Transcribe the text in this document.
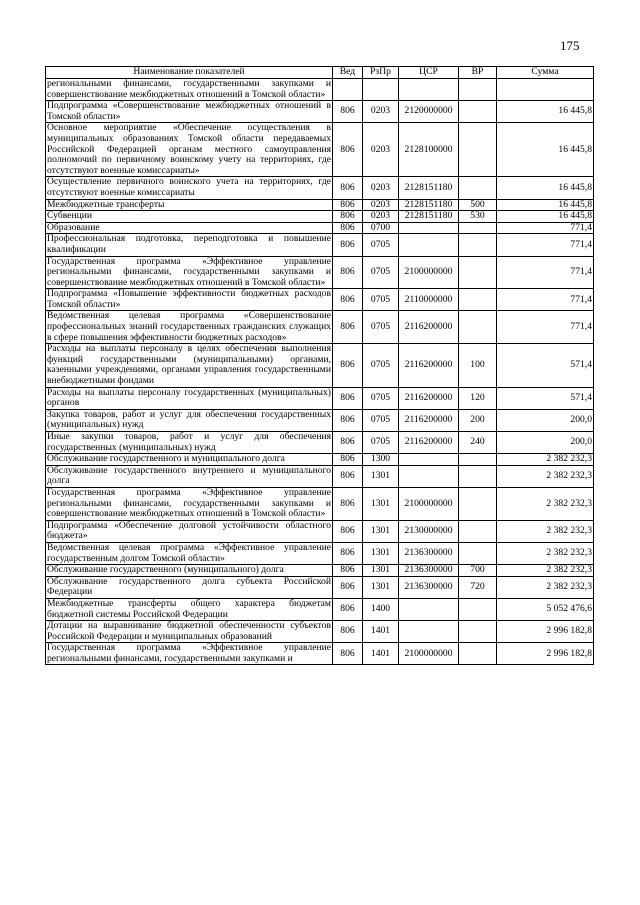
175
Наименование показателей	Вед	РзПр	ЦСР	ВР	Сумма
региональными финансами, государственными закупками и совершенствование межбюджетных отношений в Томской области»					
Подпрограмма «Совершенствование межбюджетных отношений в Томской области»	806	0203	2120000000		16 445,8
Основное мероприятие «Обеспечение осуществления в муниципальных образованиях Томской области передаваемых Российской Федерацией органам местного самоуправления полномочий по первичному воинскому учету на территориях, где отсутствуют военные комиссариаты»	806	0203	2128100000		16 445,8
Осуществление первичного воинского учета на территориях, где отсутствуют военные комиссариаты	806	0203	2128151180		16 445,8
Межбюджетные трансферты	806	0203	2128151180	500	16 445,8
Субвенции	806	0203	2128151180	530	16 445,8
Образование	806	0700			771,4
Профессиональная подготовка, переподготовка и повышение квалификации	806	0705			771,4
Государственная программа «Эффективное управление региональными финансами, государственными закупками и совершенствование межбюджетных отношений в Томской области»	806	0705	2100000000		771,4
Подпрограмма «Повышение эффективности бюджетных расходов Томской области»	806	0705	2110000000		771,4
Ведомственная целевая программа «Совершенствование профессиональных знаний государственных гражданских служащих в сфере повышения эффективности бюджетных расходов»	806	0705	2116200000		771,4
Расходы на выплаты персоналу в целях обеспечения выполнения функций государственными (муниципальными) органами, казенными учреждениями, органами управления государственными внебюджетными фондами	806	0705	2116200000	100	571,4
Расходы на выплаты персоналу государственных (муниципальных) органов	806	0705	2116200000	120	571,4
Закупка товаров, работ и услуг для обеспечения государственных (муниципальных) нужд	806	0705	2116200000	200	200,0
Иные закупки товаров, работ и услуг для обеспечения государственных (муниципальных) нужд	806	0705	2116200000	240	200,0
Обслуживание государственного и муниципального долга	806	1300			2 382 232,3
Обслуживание государственного внутреннего и муниципального долга	806	1301			2 382 232,3
Государственная программа «Эффективное управление региональными финансами, государственными закупками и совершенствование межбюджетных отношений в Томской области»	806	1301	2100000000		2 382 232,3
Подпрограмма «Обеспечение долговой устойчивости областного бюджета»	806	1301	2130000000		2 382 232,3
Ведомственная целевая программа «Эффективное управление государственным долгом Томской области»	806	1301	2136300000		2 382 232,3
Обслуживание государственного (муниципального) долга	806	1301	2136300000	700	2 382 232,3
Обслуживание государственного долга субъекта Российской Федерации	806	1301	2136300000	720	2 382 232,3
Межбюджетные трансферты общего характера бюджетам бюджетной системы Российской Федерации	806	1400			5 052 476,6
Дотации на выравнивание бюджетной обеспеченности субъектов Российской Федерации и муниципальных образований	806	1401			2 996 182,8
Государственная программа «Эффективное управление региональными финансами, государственными закупками и	806	1401	2100000000		2 996 182,8
